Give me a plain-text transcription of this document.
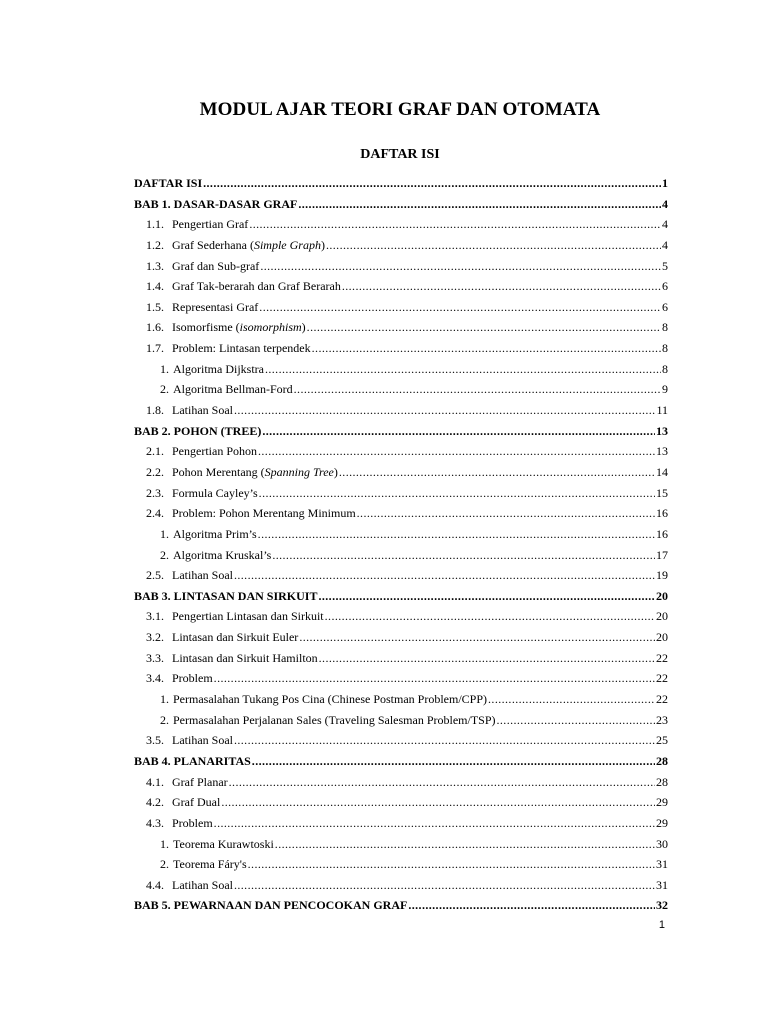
MODUL AJAR TEORI GRAF DAN OTOMATA
DAFTAR ISI
DAFTAR ISI .....	1
BAB 1. DASAR-DASAR GRAF .....	4
1.1. Pengertian Graf .....	4
1.2. Graf Sederhana (Simple Graph) .....	4
1.3. Graf dan Sub-graf .....	5
1.4. Graf Tak-berarah dan Graf Berarah .....	6
1.5. Representasi Graf .....	6
1.6. Isomorfisme (isomorphism) .....	8
1.7. Problem: Lintasan terpendek .....	8
1. Algoritma Dijkstra .....	8
2. Algoritma Bellman-Ford .....	9
1.8. Latihan Soal .....	11
BAB 2. POHON (TREE) .....	13
2.1. Pengertian Pohon .....	13
2.2. Pohon Merentang (Spanning Tree) .....	14
2.3. Formula Cayley’s .....	15
2.4. Problem: Pohon Merentang Minimum .....	16
1. Algoritma Prim’s .....	16
2. Algoritma Kruskal’s .....	17
2.5. Latihan Soal .....	19
BAB 3. LINTASAN DAN SIRKUIT .....	20
3.1. Pengertian Lintasan dan Sirkuit .....	20
3.2. Lintasan dan Sirkuit Euler .....	20
3.3. Lintasan dan Sirkuit Hamilton .....	22
3.4. Problem .....	22
1. Permasalahan Tukang Pos Cina (Chinese Postman Problem/CPP) .....	22
2. Permasalahan Perjalanan Sales (Traveling Salesman Problem/TSP) .....	23
3.5. Latihan Soal .....	25
BAB 4. PLANARITAS .....	28
4.1. Graf Planar .....	28
4.2. Graf Dual .....	29
4.3. Problem .....	29
1. Teorema Kurawtoski .....	30
2. Teorema Fáry's .....	31
4.4. Latihan Soal .....	31
BAB 5. PEWARNAAN DAN PENCOCOKAN GRAF .....	32
1
